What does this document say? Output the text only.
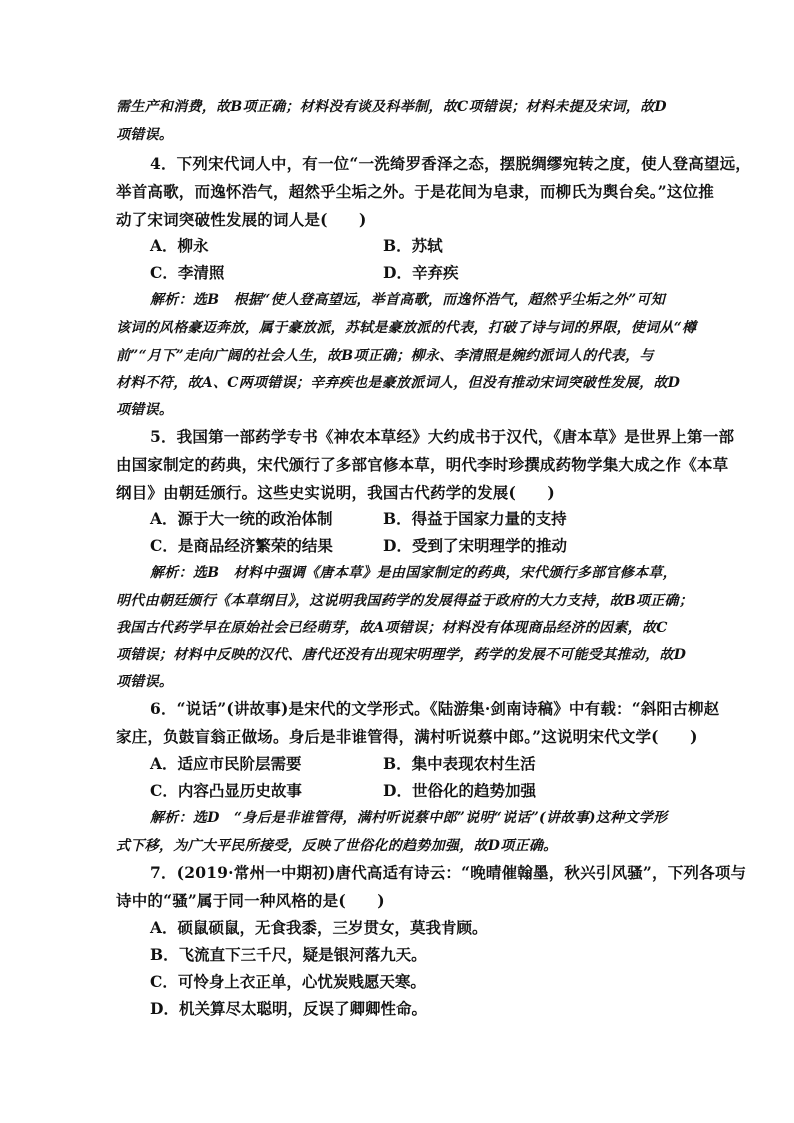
需生产和消费，故B项正确；材料没有谈及科举制，故C项错误；材料未提及宋词，故D
项错误。
4．下列宋代词人中，有一位“一洗绮罗香泽之态，摆脱绸缪宛转之度，使人登高望远，
举首高歌，而逸怀浩气，超然乎尘垢之外。于是花间为皂隶，而柳氏为舆台矣。”这位推
动了宋词突破性发展的词人是(　　)
A．柳永	B．苏轼
C．李清照	D．辛弃疾
解析：选B　根据“使人登高望远，举首高歌，而逸怀浩气，超然乎尘垢之外”可知
该词的风格豪迈奔放，属于豪放派，苏轼是豪放派的代表，打破了诗与词的界限，使词从“樽
前”“月下”走向广阔的社会人生，故B项正确；柳永、李清照是婉约派词人的代表，与
材料不符，故A、C两项错误；辛弃疾也是豪放派词人，但没有推动宋词突破性发展，故D
项错误。
5．我国第一部药学专书《神农本草经》大约成书于汉代，《唐本草》是世界上第一部
由国家制定的药典，宋代颁行了多部官修本草，明代李时珍撰成药物学集大成之作《本草
纲目》由朝廷颁行。这些史实说明，我国古代药学的发展(　　)
A．源于大一统的政治体制	B．得益于国家力量的支持
C．是商品经济繁荣的结果	D．受到了宋明理学的推动
解析：选B　材料中强调《唐本草》是由国家制定的药典，宋代颁行多部官修本草，
明代由朝廷颁行《本草纲目》，这说明我国药学的发展得益于政府的大力支持，故B项正确；
我国古代药学早在原始社会已经萌芽，故A项错误；材料没有体现商品经济的因素，故C
项错误；材料中反映的汉代、唐代还没有出现宋明理学，药学的发展不可能受其推动，故D
项错误。
6．“说话”(讲故事)是宋代的文学形式。《陆游集·剑南诗稿》中有载：“斜阳古柳赵
家庄，负鼓盲翁正做场。身后是非谁管得，满村听说蔡中郎。”这说明宋代文学(　　)
A．适应市民阶层需要	B．集中表现农村生活
C．内容凸显历史故事	D．世俗化的趋势加强
解析：选D　“身后是非谁管得，满村听说蔡中郎”说明“说话”(讲故事)这种文学形
式下移，为广大平民所接受，反映了世俗化的趋势加强，故D项正确。
7．(2019·常州一中期初)唐代高适有诗云：“晚晴催翰墨，秋兴引风骚”，下列各项与
诗中的“骚”属于同一种风格的是(　　)
A．硕鼠硕鼠，无食我黍，三岁贯女，莫我肯顾。
B．飞流直下三千尺，疑是银河落九天。
C．可怜身上衣正单，心忧炭贱愿天寒。
D．机关算尽太聪明，反误了卿卿性命。
